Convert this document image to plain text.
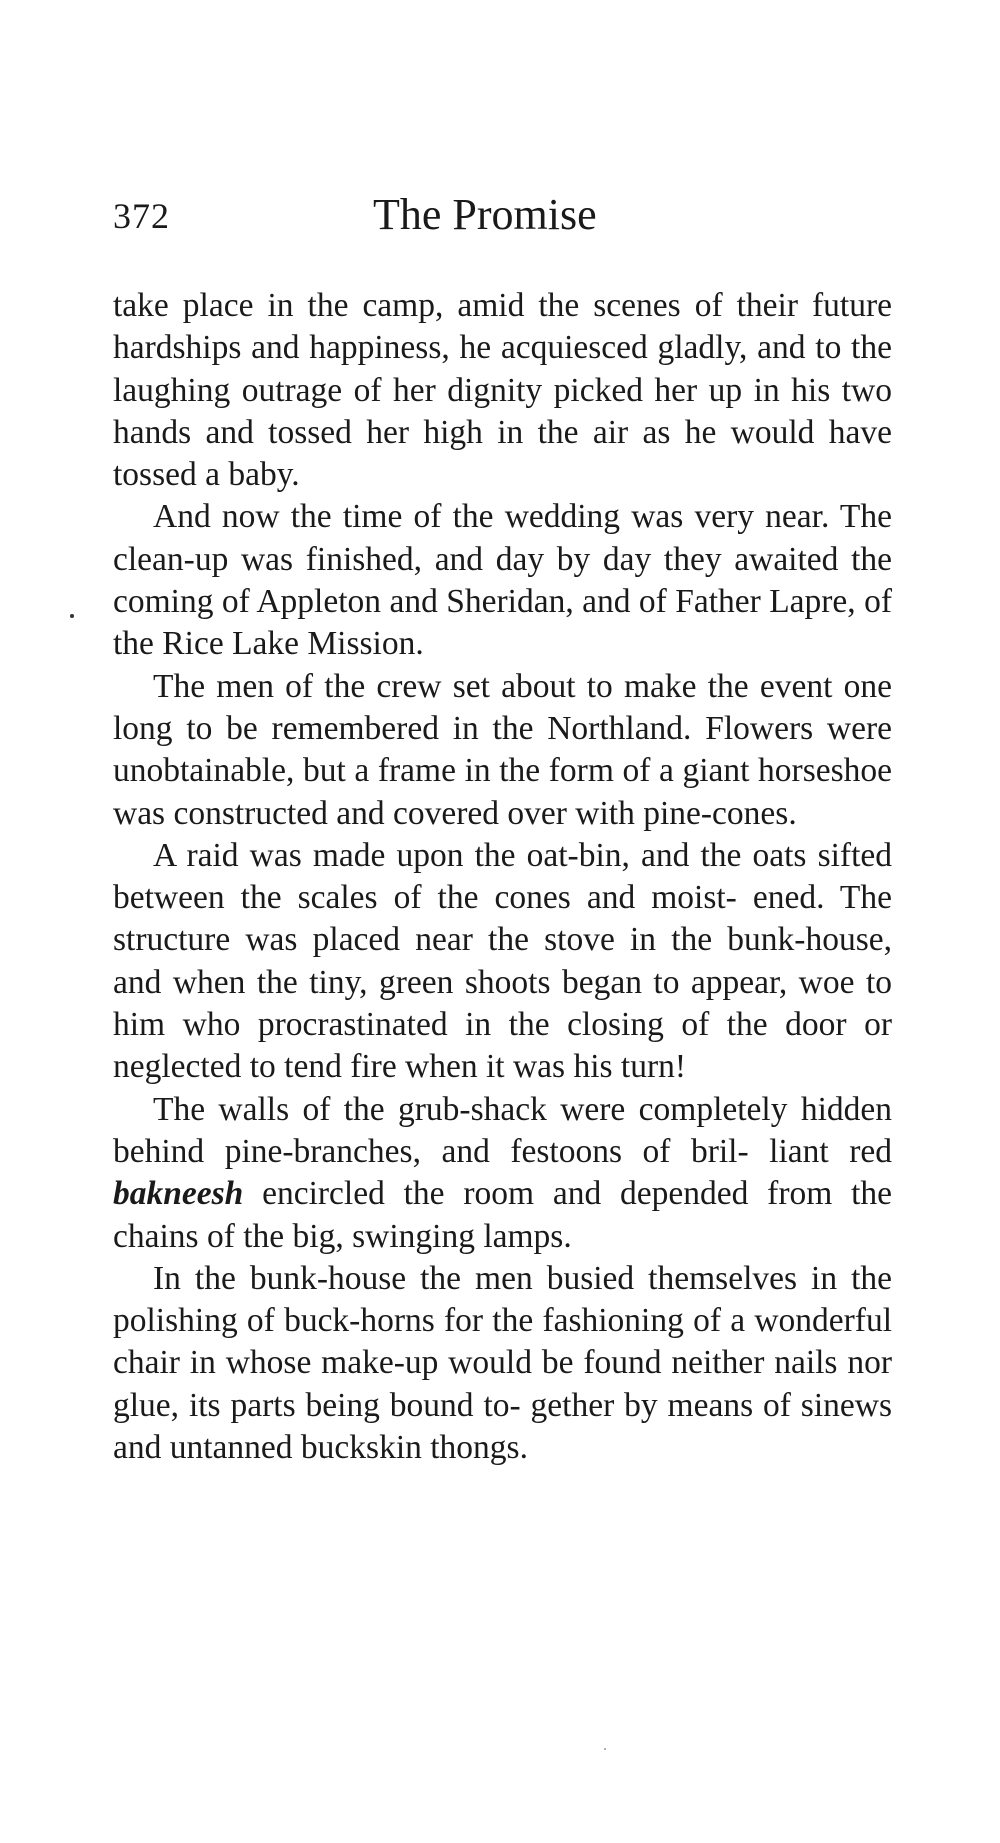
372	The Promise

take place in the camp, amid the scenes of their future hardships and happiness, he acquiesced gladly, and to the laughing outrage of her dignity picked her up in his two hands and tossed her high in the air as he would have tossed a baby.

And now the time of the wedding was very near. The clean-up was finished, and day by day they awaited the coming of Appleton and Sheridan, and of Father Lapre, of the Rice Lake Mission.

The men of the crew set about to make the event one long to be remembered in the Northland. Flowers were unobtainable, but a frame in the form of a giant horseshoe was constructed and covered over with pine-cones.

A raid was made upon the oat-bin, and the oats sifted between the scales of the cones and moist- ened. The structure was placed near the stove in the bunk-house, and when the tiny, green shoots began to appear, woe to him who procrastinated in the closing of the door or neglected to tend fire when it was his turn!

The walls of the grub-shack were completely hidden behind pine-branches, and festoons of bril- liant red bakneesh encircled the room and depended from the chains of the big, swinging lamps.

In the bunk-house the men busied themselves in the polishing of buck-horns for the fashioning of a wonderful chair in whose make-up would be found neither nails nor glue, its parts being bound to- gether by means of sinews and untanned buckskin thongs.
